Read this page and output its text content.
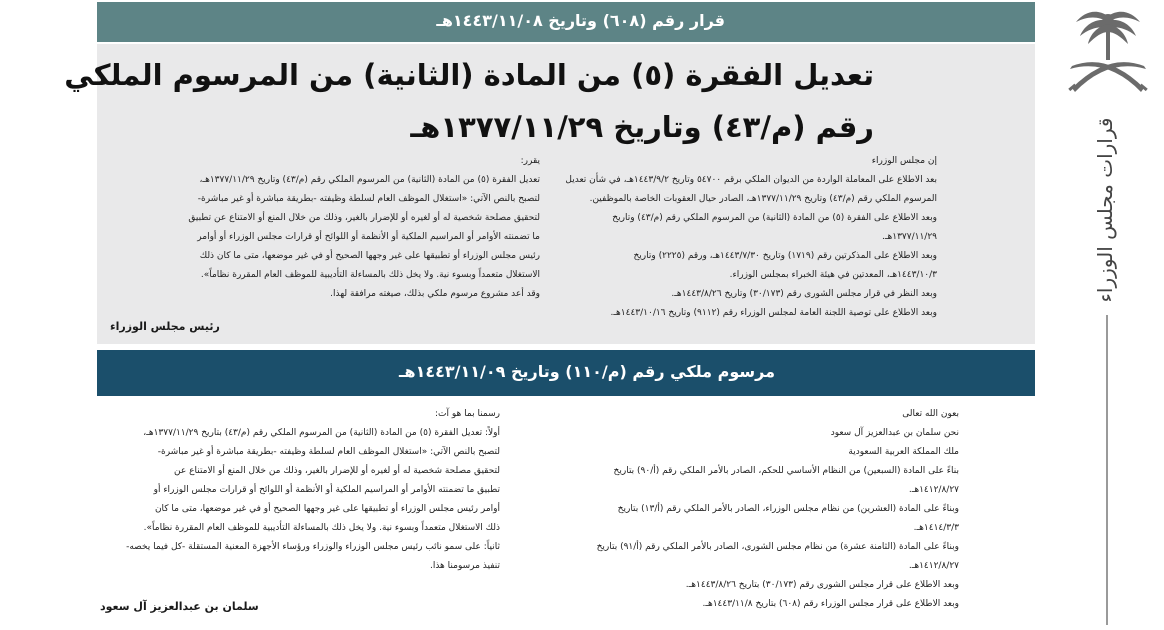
قرار رقم (٦٠٨) وتاريخ ١٤٤٣/١١/٠٨هـ
تعديل الفقرة (٥) من المادة (الثانية) من المرسوم الملكي
رقم (م/٤٣) وتاريخ ١٣٧٧/١١/٢٩هـ
إن مجلس الوزراء
بعد الاطلاع على المعاملة الواردة من الديوان الملكي برقم ٥٤٧٠٠ وتاريخ ١٤٤٣/٩/٢هـ، في شأن تعديل
المرسوم الملكي رقم (م/٤٣) وتاريخ ١٣٧٧/١١/٢٩هـ، الصادر حيال العقوبات الخاصة بالموظفين.
وبعد الاطلاع على الفقرة (٥) من المادة (الثانية) من المرسوم الملكي رقم (م/٤٣) وتاريخ
١٣٧٧/١١/٢٩هـ.
وبعد الاطلاع على المذكرتين رقم (١٧١٩) وتاريخ ١٤٤٣/٧/٣٠هـ، ورقم (٢٢٢٥) وتاريخ
١٤٤٣/١٠/٣هـ، المعدتين في هيئة الخبراء بمجلس الوزراء.
وبعد النظر في قرار مجلس الشورى رقم (٣٠/١٧٣) وتاريخ ١٤٤٣/٨/٢٦هـ.
وبعد الاطلاع على توصية اللجنة العامة لمجلس الوزراء رقم (٩١١٢) وتاريخ ١٤٤٣/١٠/١٦هـ.
يقرر:
تعديل الفقرة (٥) من المادة (الثانية) من المرسوم الملكي رقم (م/٤٣) وتاريخ ١٣٧٧/١١/٢٩هـ،
لتصبح بالنص الآتي: «استغلال الموظف العام لسلطة وظيفته -بطريقة مباشرة أو غير مباشرة-
لتحقيق مصلحة شخصية له أو لغيره أو للإضرار بالغير، وذلك من خلال المنع أو الامتناع عن تطبيق
ما تضمنته الأوامر أو المراسيم الملكية أو الأنظمة أو اللوائح أو قرارات مجلس الوزراء أو أوامر
رئيس مجلس الوزراء أو تطبيقها على غير وجهها الصحيح أو في غير موضعها، متى ما كان ذلك
الاستغلال متعمداً وبسوء نية. ولا يخل ذلك بالمساءلة التأديبية للموظف العام المقررة نظاماً».
وقد أعد مشروع مرسوم ملكي بذلك، صيغته مرافقة لهذا.
رئيس مجلس الوزراء
مرسوم ملكي رقم (م/١١٠) وتاريخ ١٤٤٣/١١/٠٩هـ
بعون الله تعالى
نحن سلمان بن عبدالعزيز آل سعود
ملك المملكة العربية السعودية
بناءً على المادة (السبعين) من النظام الأساسي للحكم، الصادر بالأمر الملكي رقم (أ/٩٠) بتاريخ
١٤١٢/٨/٢٧هـ.
وبناءً على المادة (العشرين) من نظام مجلس الوزراء، الصادر بالأمر الملكي رقم (أ/١٣) بتاريخ
١٤١٤/٣/٣هـ.
وبناءً على المادة (الثامنة عشرة) من نظام مجلس الشورى، الصادر بالأمر الملكي رقم (أ/٩١) بتاريخ
١٤١٢/٨/٢٧هـ.
وبعد الاطلاع على قرار مجلس الشورى رقم (٣٠/١٧٣) بتاريخ ١٤٤٣/٨/٢٦هـ.
وبعد الاطلاع على قرار مجلس الوزراء رقم (٦٠٨) بتاريخ ١٤٤٣/١١/٨هـ.
رسمنا بما هو آت:
أولاً: تعديل الفقرة (٥) من المادة (الثانية) من المرسوم الملكي رقم (م/٤٣) بتاريخ ١٣٧٧/١١/٢٩هـ،
لتصبح بالنص الآتي: «استغلال الموظف العام لسلطة وظيفته -بطريقة مباشرة أو غير مباشرة-
لتحقيق مصلحة شخصية له أو لغيره أو للإضرار بالغير، وذلك من خلال المنع أو الامتناع عن
تطبيق ما تضمنته الأوامر أو المراسيم الملكية أو الأنظمة أو اللوائح أو قرارات مجلس الوزراء أو
أوامر رئيس مجلس الوزراء أو تطبيقها على غير وجهها الصحيح أو في غير موضعها، متى ما كان
ذلك الاستغلال متعمداً وبسوء نية. ولا يخل ذلك بالمساءلة التأديبية للموظف العام المقررة نظاماً».
ثانياً: على سمو نائب رئيس مجلس الوزراء والوزراء ورؤساء الأجهزة المعنية المستقلة -كل فيما يخصه-
تنفيذ مرسومنا هذا.
سلمان بن عبدالعزيز آل سعود
قرارات مجلس الوزراء
